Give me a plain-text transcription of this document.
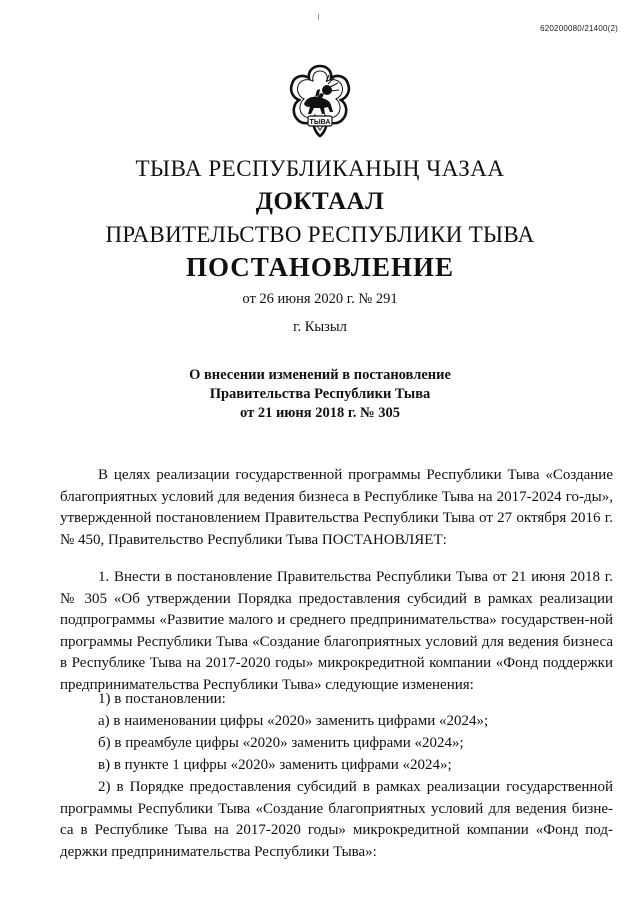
620200080/21400(2)
ТЫВА
ТЫВА РЕСПУБЛИКАНЫҢ ЧАЗАА
ДОКТААЛ
ПРАВИТЕЛЬСТВО РЕСПУБЛИКИ ТЫВА
ПОСТАНОВЛЕНИЕ
от 26 июня 2020 г. № 291
г. Кызыл
О внесении изменений в постановление
Правительства Республики Тыва
от 21 июня 2018 г. № 305

В целях реализации государственной программы Республики Тыва «Создание благоприятных условий для ведения бизнеса в Республике Тыва на 2017-2024 го-ды», утвержденной постановлением Правительства Республики Тыва от 27 октября 2016 г. № 450, Правительство Республики Тыва ПОСТАНОВЛЯЕТ:

1. Внести в постановление Правительства Республики Тыва от 21 июня 2018 г. № 305 «Об утверждении Порядка предоставления субсидий в рамках реализации подпрограммы «Развитие малого и среднего предпринимательства» государствен-ной программы Республики Тыва «Создание благоприятных условий для ведения бизнеса в Республике Тыва на 2017-2020 годы» микрокредитной компании «Фонд поддержки предпринимательства Республики Тыва» следующие изменения:

1) в постановлении:
а) в наименовании цифры «2020» заменить цифрами «2024»;
б) в преамбуле цифры «2020» заменить цифрами «2024»;
в) в пункте 1 цифры «2020» заменить цифрами «2024»;

2) в Порядке предоставления субсидий в рамках реализации государственной программы Республики Тыва «Создание благоприятных условий для ведения бизне-са в Республике Тыва на 2017-2020 годы» микрокредитной компании «Фонд под-держки предпринимательства Республики Тыва»:
